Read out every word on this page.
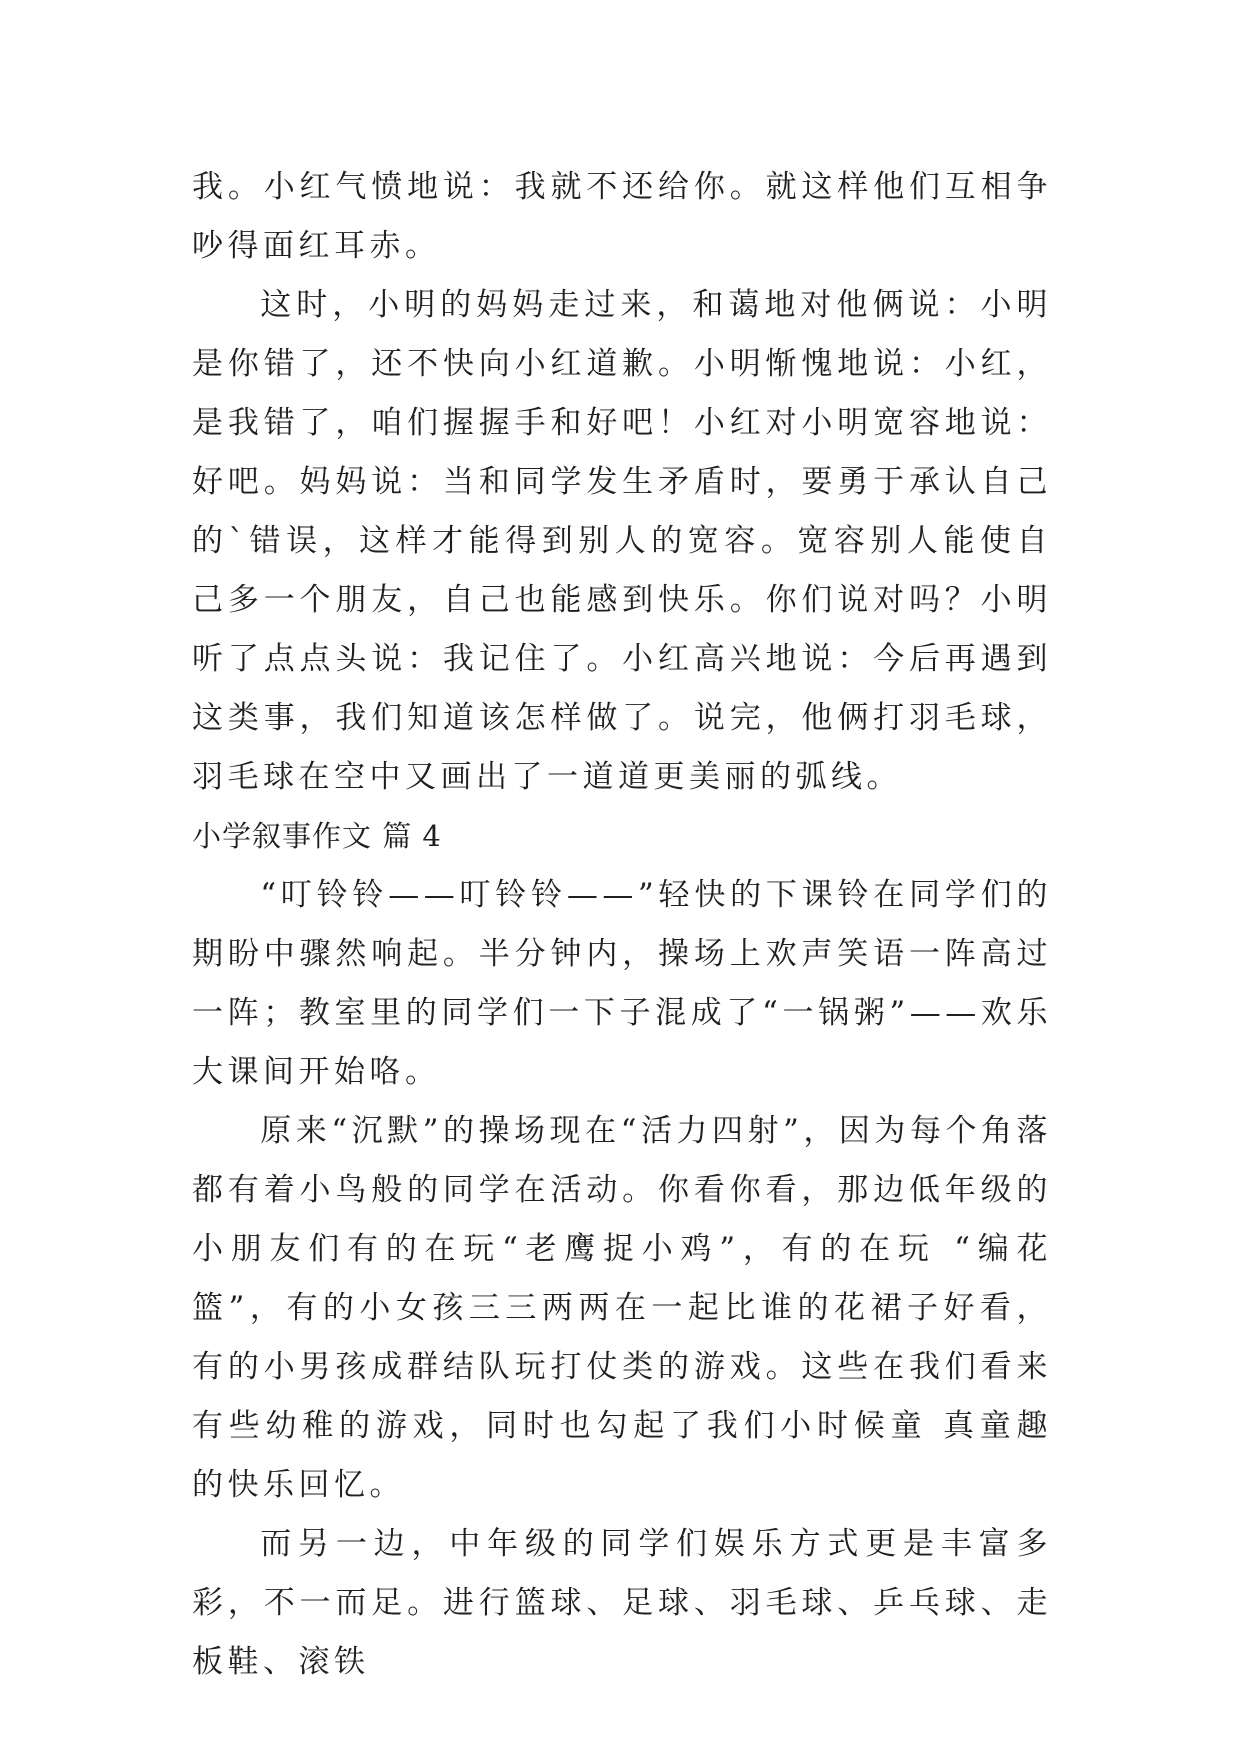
我。小红气愤地说：我就不还给你。就这样他们互相争吵得面红耳赤。

这时，小明的妈妈走过来，和蔼地对他俩说：小明是你错了，还不快向小红道歉。小明惭愧地说：小红，是我错了，咱们握握手和好吧！小红对小明宽容地说：好吧。妈妈说：当和同学发生矛盾时，要勇于承认自己的`错误，这样才能得到别人的宽容。宽容别人能使自己多一个朋友，自己也能感到快乐。你们说对吗？小明听了点点头说：我记住了。小红高兴地说：今后再遇到这类事，我们知道该怎样做了。说完，他俩打羽毛球，羽毛球在空中又画出了一道道更美丽的弧线。

小学叙事作文 篇 4

“叮铃铃——叮铃铃——”轻快的下课铃在同学们的期盼中骤然响起。半分钟内，操场上欢声笑语一阵高过一阵；教室里的同学们一下子混成了“一锅粥”——欢乐大课间开始咯。

原来“沉默”的操场现在“活力四射”，因为每个角落都有着小鸟般的同学在活动。你看你看，那边低年级的小朋友们有的在玩“老鹰捉小鸡”，有的在玩 “编花篮”，有的小女孩三三两两在一起比谁的花裙子好看，有的小男孩成群结队玩打仗类的游戏。这些在我们看来有些幼稚的游戏，同时也勾起了我们小时候童 真童趣的快乐回忆。

而另一边，中年级的同学们娱乐方式更是丰富多彩，不一而足。进行篮球、足球、羽毛球、乒乓球、走板鞋、滚铁
